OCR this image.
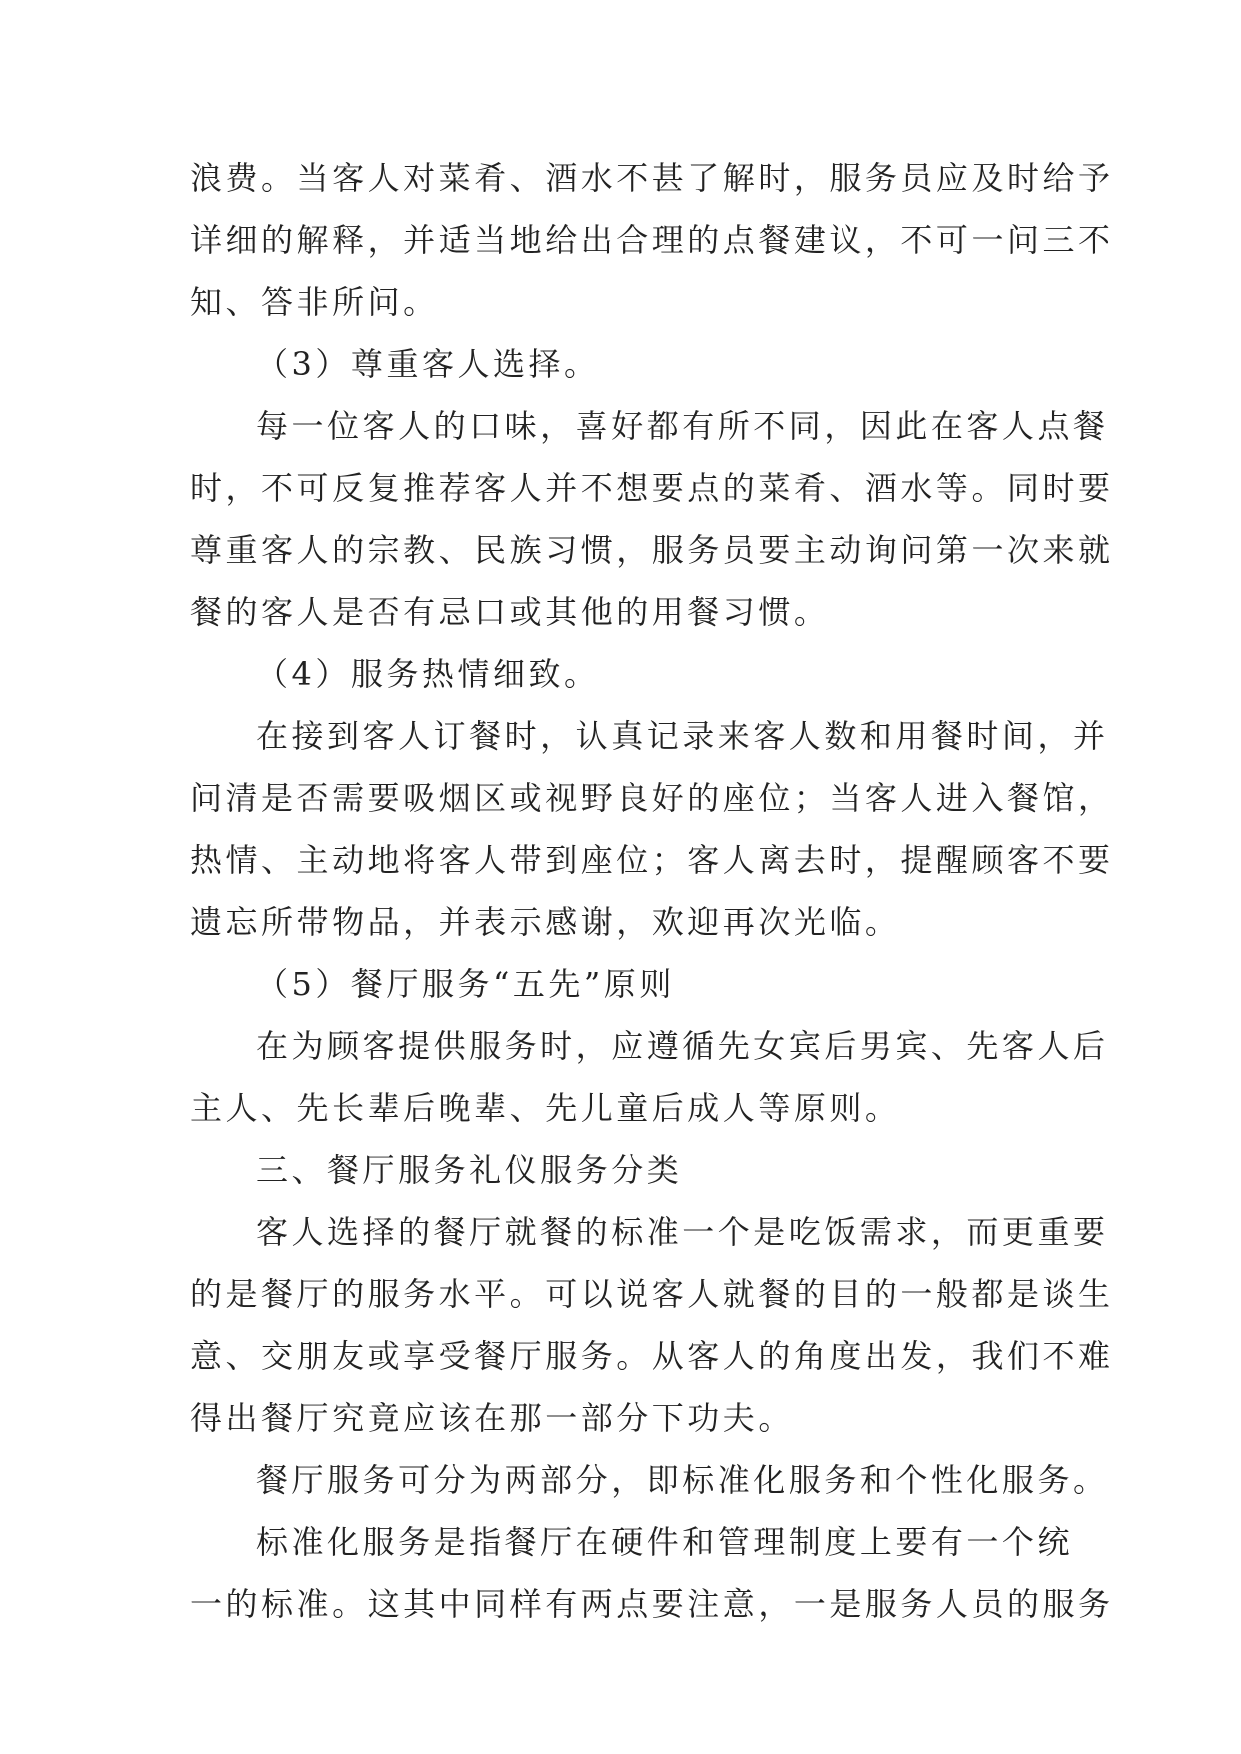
浪费。当客人对菜肴、酒水不甚了解时，服务员应及时给予
详细的解释，并适当地给出合理的点餐建议，不可一问三不
知、答非所问。
（3）尊重客人选择。
每一位客人的口味，喜好都有所不同，因此在客人点餐
时，不可反复推荐客人并不想要点的菜肴、酒水等。同时要
尊重客人的宗教、民族习惯，服务员要主动询问第一次来就
餐的客人是否有忌口或其他的用餐习惯。
（4）服务热情细致。
在接到客人订餐时，认真记录来客人数和用餐时间，并
问清是否需要吸烟区或视野良好的座位；当客人进入餐馆，
热情、主动地将客人带到座位；客人离去时，提醒顾客不要
遗忘所带物品，并表示感谢，欢迎再次光临。
（5）餐厅服务“五先”原则
在为顾客提供服务时，应遵循先女宾后男宾、先客人后
主人、先长辈后晚辈、先儿童后成人等原则。
三、餐厅服务礼仪服务分类
客人选择的餐厅就餐的标准一个是吃饭需求，而更重要
的是餐厅的服务水平。可以说客人就餐的目的一般都是谈生
意、交朋友或享受餐厅服务。从客人的角度出发，我们不难
得出餐厅究竟应该在那一部分下功夫。
餐厅服务可分为两部分，即标准化服务和个性化服务。
标准化服务是指餐厅在硬件和管理制度上要有一个统
一的标准。这其中同样有两点要注意，一是服务人员的服务
